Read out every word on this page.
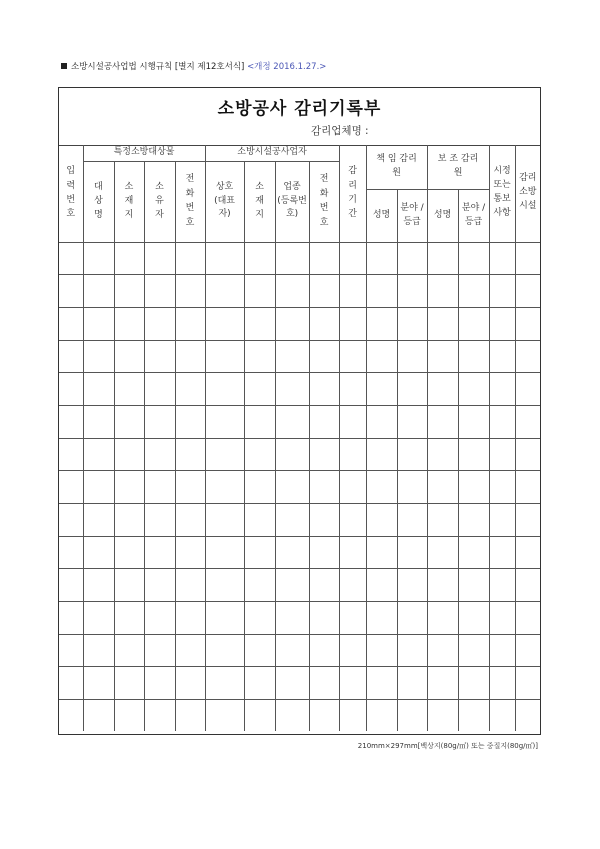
소방시설공사업법 시행규칙 [별지 제12호서식] <개정 2016.1.27.>
소방공사 감리기록부
감리업체명 :
입력번호	특정소방대상물				소방시설공사업자				감리기간	책 임 감리원		보 조 감리원		시정 또는 통보사항	감리 소방시설
	대상명	소재지	소유자	전화번호	상호 (대표자)	소재지	업종 (등록번호)	전화번호							
										성명	분야 / 등급	성명	분야 / 등급		

210mm×297mm[백상지(80g/㎡) 또는 중질지(80g/㎡)]
